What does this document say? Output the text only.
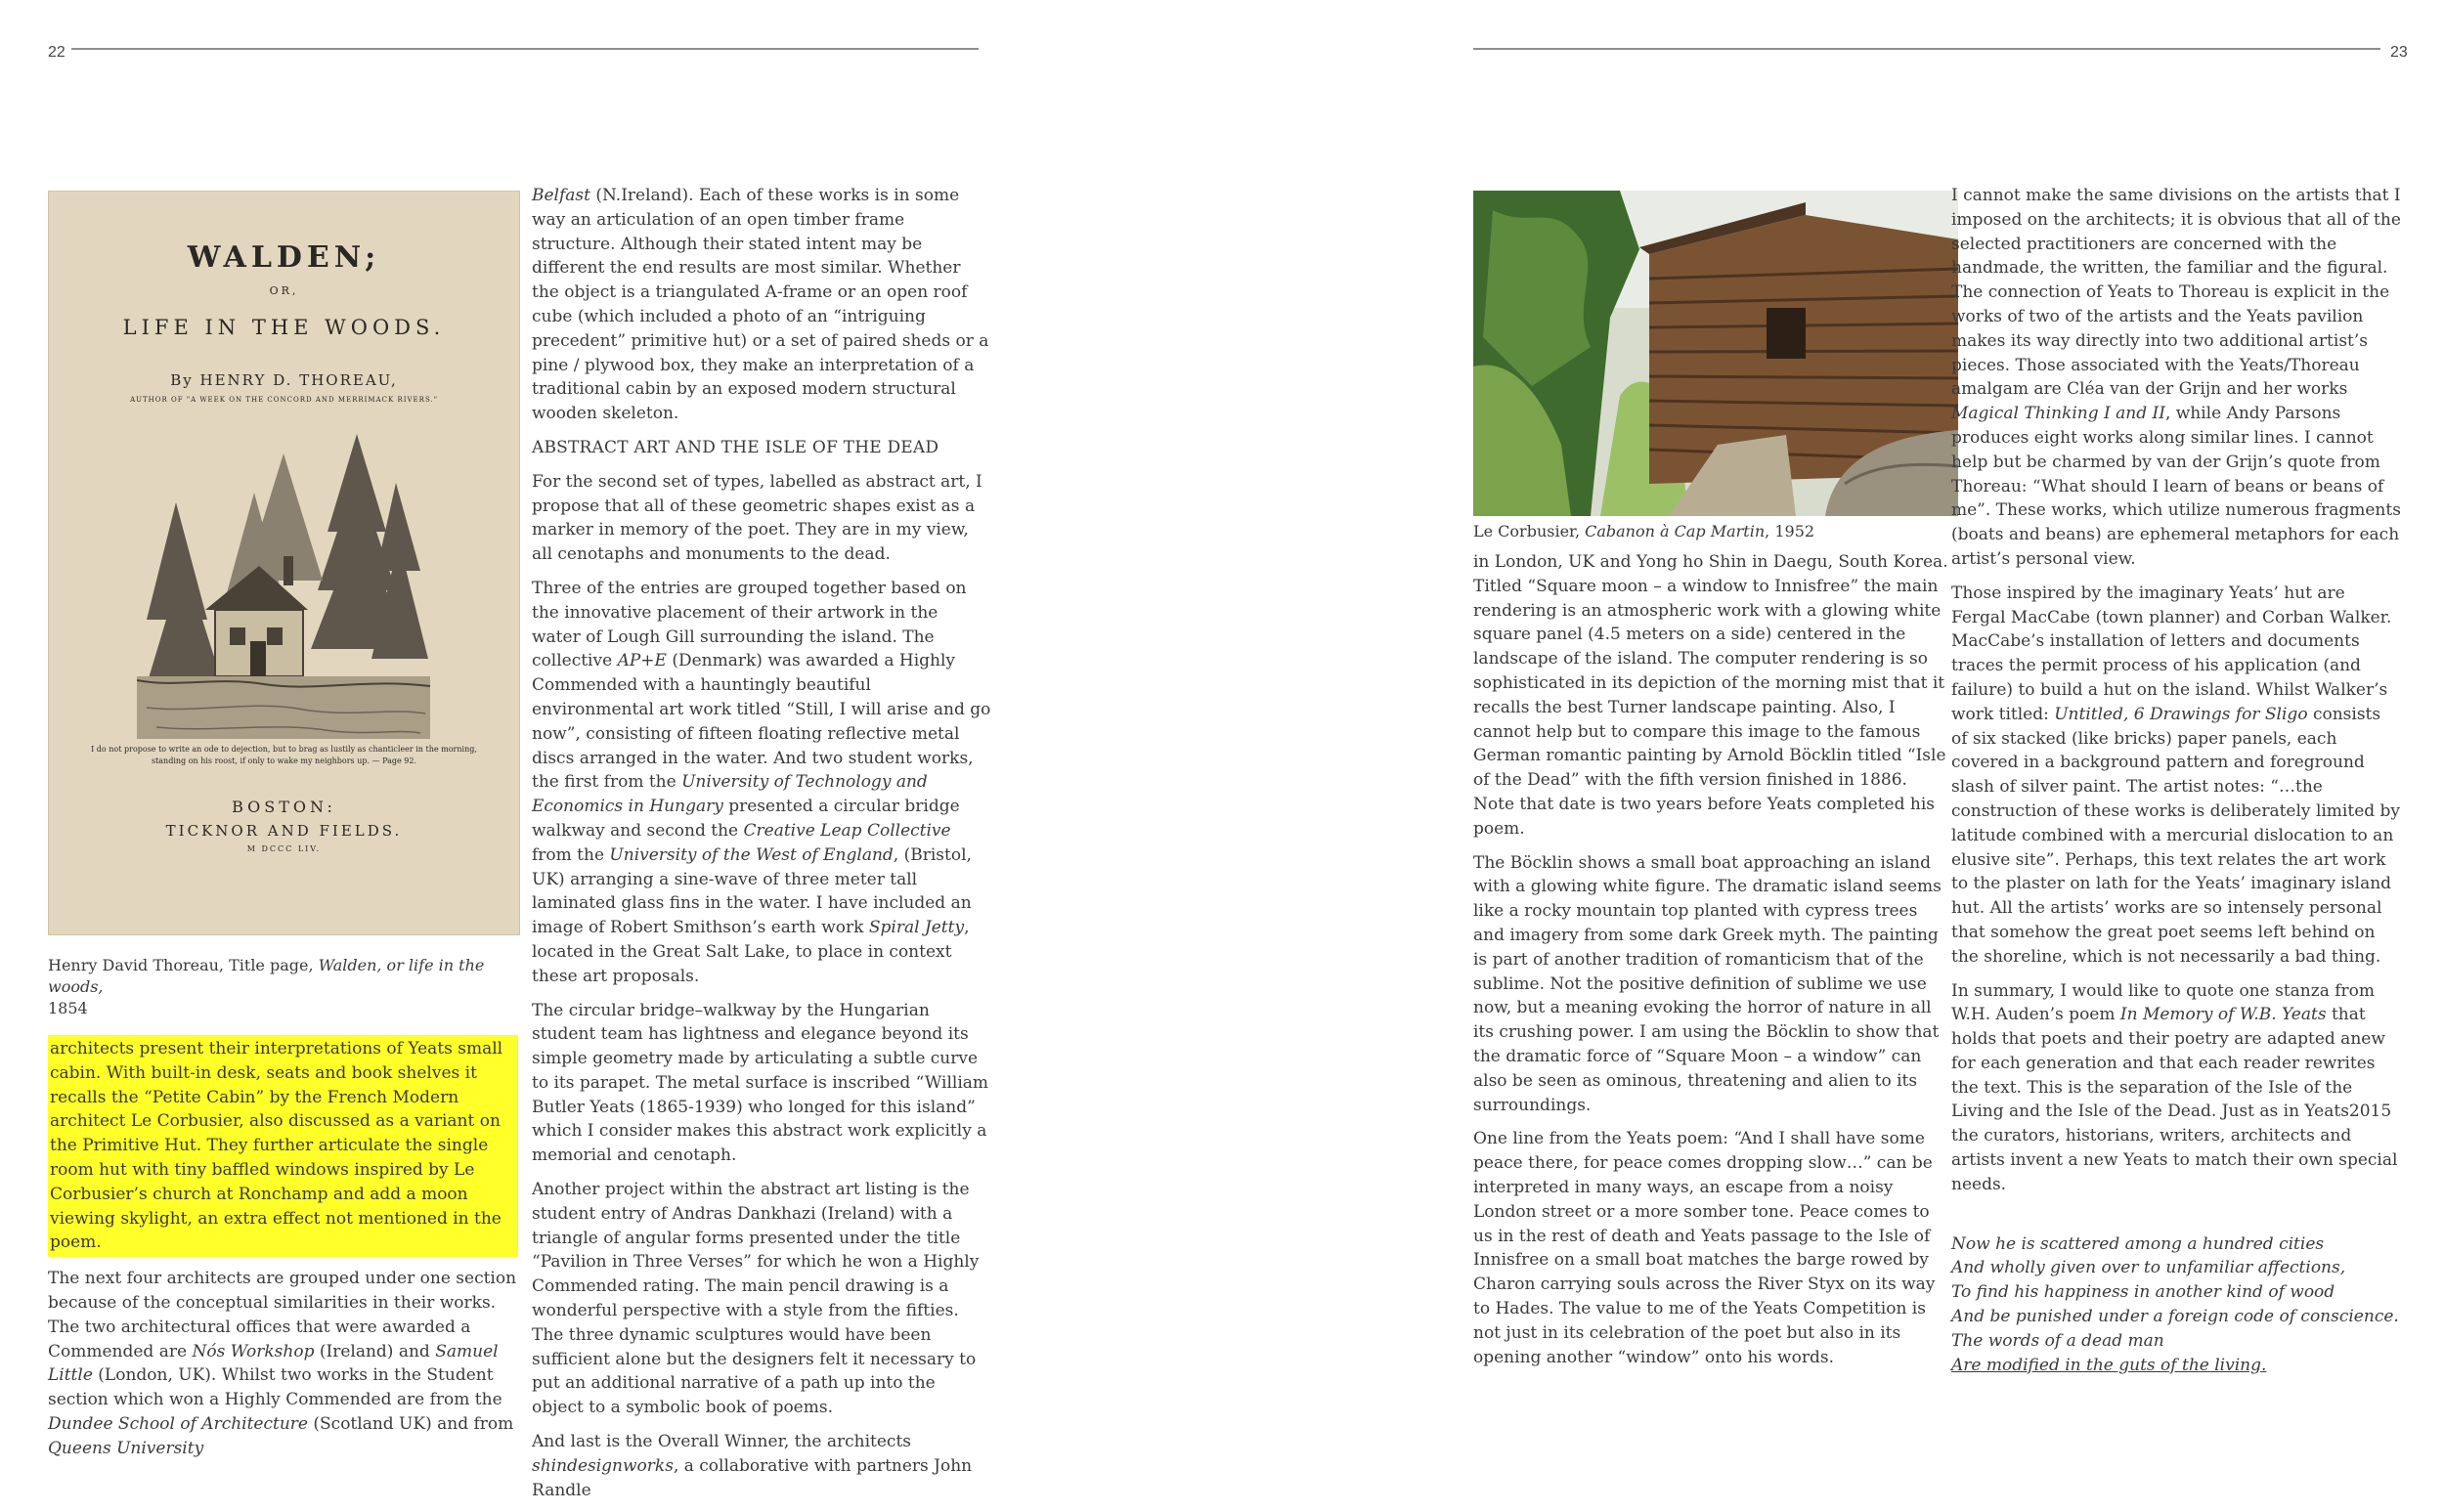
22	23
WALDEN;
OR,
LIFE IN THE WOODS.
By HENRY D. THOREAU,
AUTHOR OF "A WEEK ON THE CONCORD AND MERRIMACK RIVERS."
I do not propose to write an ode to dejection, but to brag as lustily as chanticleer in the morning, standing on his roost, if only to wake my neighbors up. — Page 92.
BOSTON:
TICKNOR AND FIELDS.
M DCCC LIV.

Henry David Thoreau, Title page, Walden, or life in the woods,
1854

architects present their interpretations of Yeats small cabin. With built-in desk, seats and book shelves it recalls the “Petite Cabin” by the French Modern architect Le Corbusier, also discussed as a variant on the Primitive Hut. They further articulate the single room hut with tiny baffled windows inspired by Le Corbusier’s church at Ronchamp and add a moon viewing skylight, an extra effect not mentioned in the poem.

The next four architects are grouped under one section because of the conceptual similarities in their works. The two architectural offices that were awarded a Commended are Nós Workshop (Ireland) and Samuel Little (London, UK). Whilst two works in the Student section which won a Highly Commended are from the Dundee School of Architecture (Scotland UK) and from Queens University

Belfast (N.Ireland). Each of these works is in some way an articulation of an open timber frame structure. Although their stated intent may be different the end results are most similar. Whether the object is a triangulated A-frame or an open roof cube (which included a photo of an “intriguing precedent” primitive hut) or a set of paired sheds or a pine / plywood box, they make an interpretation of a traditional cabin by an exposed modern structural wooden skeleton.

ABSTRACT ART AND THE ISLE OF THE DEAD

For the second set of types, labelled as abstract art, I propose that all of these geometric shapes exist as a marker in memory of the poet. They are in my view, all cenotaphs and monuments to the dead.

Three of the entries are grouped together based on the innovative placement of their artwork in the water of Lough Gill surrounding the island. The collective AP+E (Denmark) was awarded a Highly Commended with a hauntingly beautiful environmental art work titled “Still, I will arise and go now”, consisting of fifteen floating reflective metal discs arranged in the water. And two student works, the first from the University of Technology and Economics in Hungary presented a circular bridge walkway and second the Creative Leap Collective from the University of the West of England, (Bristol, UK) arranging a sine-wave of three meter tall laminated glass fins in the water. I have included an image of Robert Smithson’s earth work Spiral Jetty, located in the Great Salt Lake, to place in context these art proposals.

The circular bridge–walkway by the Hungarian student team has lightness and elegance beyond its simple geometry made by articulating a subtle curve to its parapet. The metal surface is inscribed “William Butler Yeats (1865-1939) who longed for this island” which I consider makes this abstract work explicitly a memorial and cenotaph.

Another project within the abstract art listing is the student entry of Andras Dankhazi (Ireland) with a triangle of angular forms presented under the title “Pavilion in Three Verses” for which he won a Highly Commended rating. The main pencil drawing is a wonderful perspective with a style from the fifties. The three dynamic sculptures would have been sufficient alone but the designers felt it necessary to put an additional narrative of a path up into the object to a symbolic book of poems.

And last is the Overall Winner, the architects shindesignworks, a collaborative with partners John Randle

Le Corbusier, Cabanon à Cap Martin, 1952

in London, UK and Yong ho Shin in Daegu, South Korea. Titled “Square moon – a window to Innisfree” the main rendering is an atmospheric work with a glowing white square panel (4.5 meters on a side) centered in the landscape of the island. The computer rendering is so sophisticated in its depiction of the morning mist that it recalls the best Turner landscape painting. Also, I cannot help but to compare this image to the famous German romantic painting by Arnold Böcklin titled “Isle of the Dead” with the fifth version finished in 1886. Note that date is two years before Yeats completed his poem.

The Böcklin shows a small boat approaching an island with a glowing white figure. The dramatic island seems like a rocky mountain top planted with cypress trees and imagery from some dark Greek myth. The painting is part of another tradition of romanticism that of the sublime. Not the positive definition of sublime we use now, but a meaning evoking the horror of nature in all its crushing power. I am using the Böcklin to show that the dramatic force of “Square Moon – a window” can also be seen as ominous, threatening and alien to its surroundings.

One line from the Yeats poem: “And I shall have some peace there, for peace comes dropping slow…” can be interpreted in many ways, an escape from a noisy London street or a more somber tone. Peace comes to us in the rest of death and Yeats passage to the Isle of Innisfree on a small boat matches the barge rowed by Charon carrying souls across the River Styx on its way to Hades. The value to me of the Yeats Competition is not just in its celebration of the poet but also in its opening another “window” onto his words.

I cannot make the same divisions on the artists that I imposed on the architects; it is obvious that all of the selected practitioners are concerned with the handmade, the written, the familiar and the figural. The connection of Yeats to Thoreau is explicit in the works of two of the artists and the Yeats pavilion makes its way directly into two additional artist’s pieces. Those associated with the Yeats/Thoreau amalgam are Cléa van der Grijn and her works Magical Thinking I and II, while Andy Parsons produces eight works along similar lines. I cannot help but be charmed by van der Grijn’s quote from Thoreau: “What should I learn of beans or beans of me”. These works, which utilize numerous fragments (boats and beans) are ephemeral metaphors for each artist’s personal view.

Those inspired by the imaginary Yeats’ hut are Fergal MacCabe (town planner) and Corban Walker. MacCabe’s installation of letters and documents traces the permit process of his application (and failure) to build a hut on the island. Whilst Walker’s work titled: Untitled, 6 Drawings for Sligo consists of six stacked (like bricks) paper panels, each covered in a background pattern and foreground slash of silver paint. The artist notes: “…the construction of these works is deliberately limited by latitude combined with a mercurial dislocation to an elusive site”. Perhaps, this text relates the art work to the plaster on lath for the Yeats’ imaginary island hut. All the artists’ works are so intensely personal that somehow the great poet seems left behind on the shoreline, which is not necessarily a bad thing.

In summary, I would like to quote one stanza from W.H. Auden’s poem In Memory of W.B. Yeats that holds that poets and their poetry are adapted anew for each generation and that each reader rewrites the text. This is the separation of the Isle of the Living and the Isle of the Dead. Just as in Yeats2015 the curators, historians, writers, architects and artists invent a new Yeats to match their own special needs.

Now he is scattered among a hundred cities

And wholly given over to unfamiliar affections,

To find his happiness in another kind of wood

And be punished under a foreign code of conscience.

The words of a dead man

Are modified in the guts of the living.
